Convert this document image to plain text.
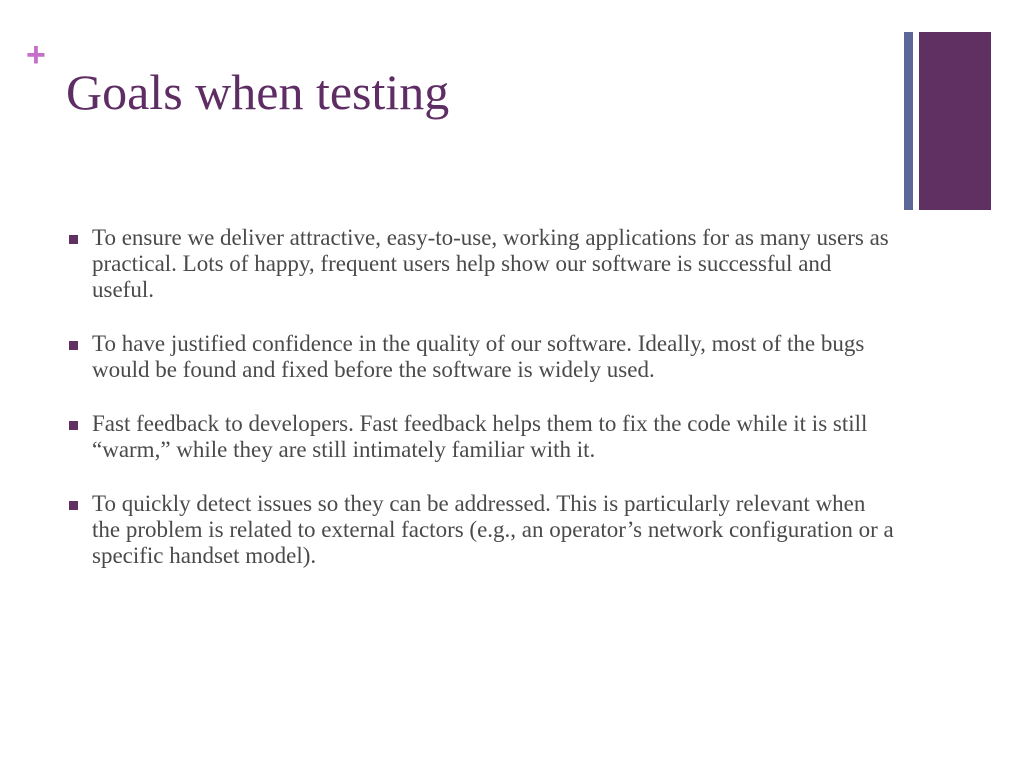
+
Goals when testing
To ensure we deliver attractive, easy-to-use, working applications for as many users as practical. Lots of happy, frequent users help show our software is successful and useful.
To have justified confidence in the quality of our software. Ideally, most of the bugs would be found and fixed before the software is widely used.
Fast feedback to developers. Fast feedback helps them to fix the code while it is still “warm,” while they are still intimately familiar with it.
To quickly detect issues so they can be addressed. This is particularly relevant when the problem is related to external factors (e.g., an operator’s network configuration or a specific handset model).
